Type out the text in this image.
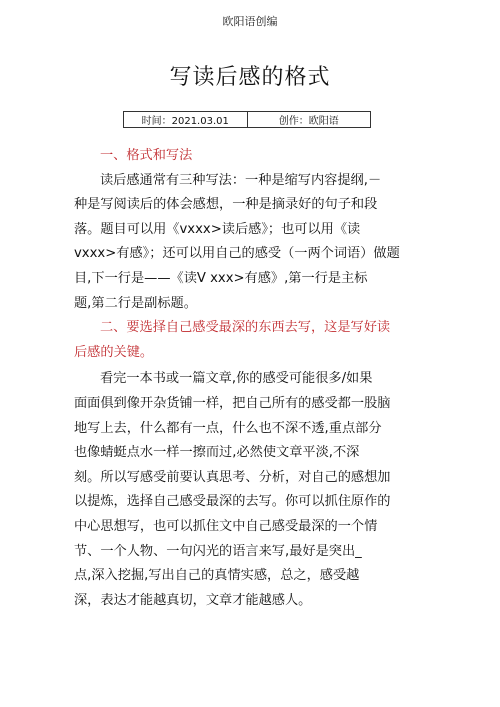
欧阳语创编
写读后感的格式
时间：2021.03.01	创作：欧阳语
一、格式和写法
读后感通常有三种写法：一种是缩写内容提纲,－
种是写阅读后的体会感想，一种是摘录好的句子和段
落。题目可以用《vxxx>读后感》；也可以用《读
vxxx>有感》；还可以用自己的感受（一两个词语）做题
目,下一行是——《读V xxx>有感》,第一行是主标
题,第二行是副标题。
二、要选择自己感受最深的东西去写，这是写好读
后感的关键。
看完一本书或一篇文章,你的感受可能很多/如果
面面俱到像开杂货铺一样，把自己所有的感受都一股脑
地写上去，什么都有一点，什么也不深不透,重点部分
也像蜻蜓点水一样一擦而过,必然使文章平淡,不深
刻。所以写感受前要认真思考、分析，对自己的感想加
以提炼，选择自己感受最深的去写。你可以抓住原作的
中心思想写，也可以抓住文中自己感受最深的一个情
节、一个人物、一句闪光的语言来写,最好是突出_
点,深入挖掘,写出自己的真情实感，总之，感受越
深，表达才能越真切，文章才能越感人。
